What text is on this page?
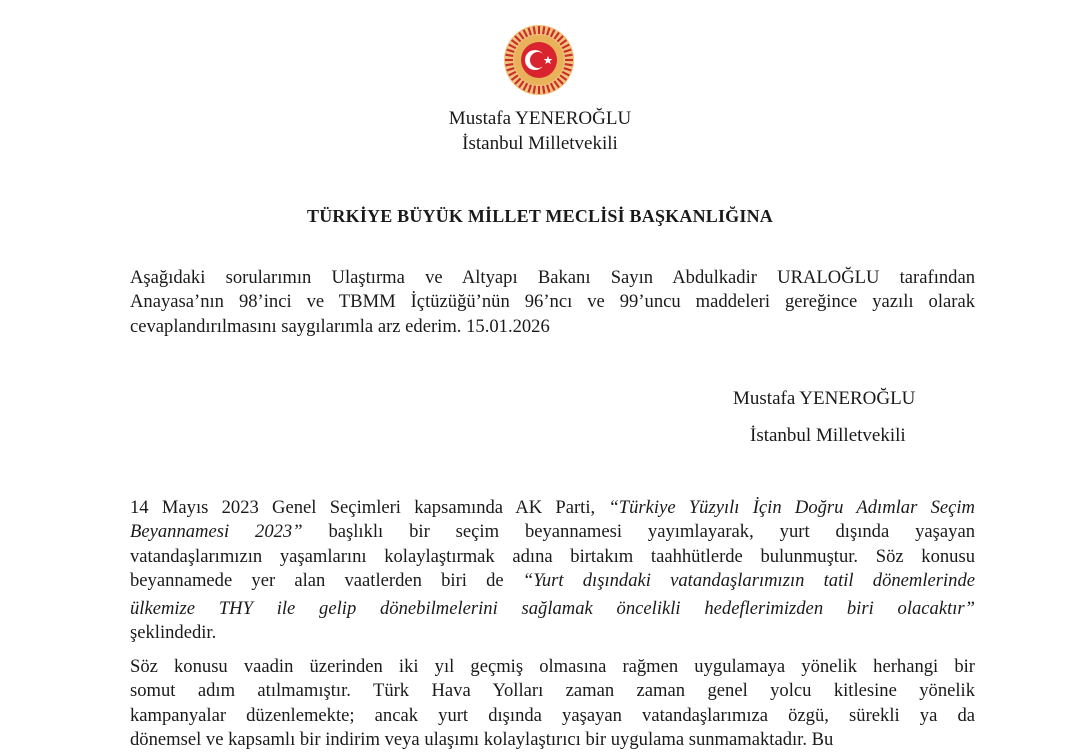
Mustafa YENEROĞLU
İstanbul Milletvekili
TÜRKİYE BÜYÜK MİLLET MECLİSİ BAŞKANLIĞINA
Aşağıdaki sorularımın Ulaştırma ve Altyapı Bakanı Sayın Abdulkadir URALOĞLU tarafından
Anayasa’nın 98’inci ve TBMM İçtüzüğü’nün 96’ncı ve 99’uncu maddeleri gereğince yazılı olarak
cevaplandırılmasını saygılarımla arz ederim. 15.01.2026
Mustafa YENEROĞLU
İstanbul Milletvekili
14 Mayıs 2023 Genel Seçimleri kapsamında AK Parti, “Türkiye Yüzyılı İçin Doğru Adımlar Seçim
Beyannamesi 2023” başlıklı bir seçim beyannamesi yayımlayarak, yurt dışında yaşayan
vatandaşlarımızın yaşamlarını kolaylaştırmak adına birtakım taahhütlerde bulunmuştur. Söz konusu
beyannamede yer alan vaatlerden biri de “Yurt dışındaki vatandaşlarımızın tatil dönemlerinde
ülkemize THY ile gelip dönebilmelerini sağlamak öncelikli hedeflerimizden biri olacaktır”
şeklindedir.
Söz konusu vaadin üzerinden iki yıl geçmiş olmasına rağmen uygulamaya yönelik herhangi bir
somut adım atılmamıştır. Türk Hava Yolları zaman zaman genel yolcu kitlesine yönelik
kampanyalar düzenlemekte; ancak yurt dışında yaşayan vatandaşlarımıza özgü, sürekli ya da
dönemsel ve kapsamlı bir indirim veya ulaşımı kolaylaştırıcı bir uygulama sunmamaktadır. Bu
